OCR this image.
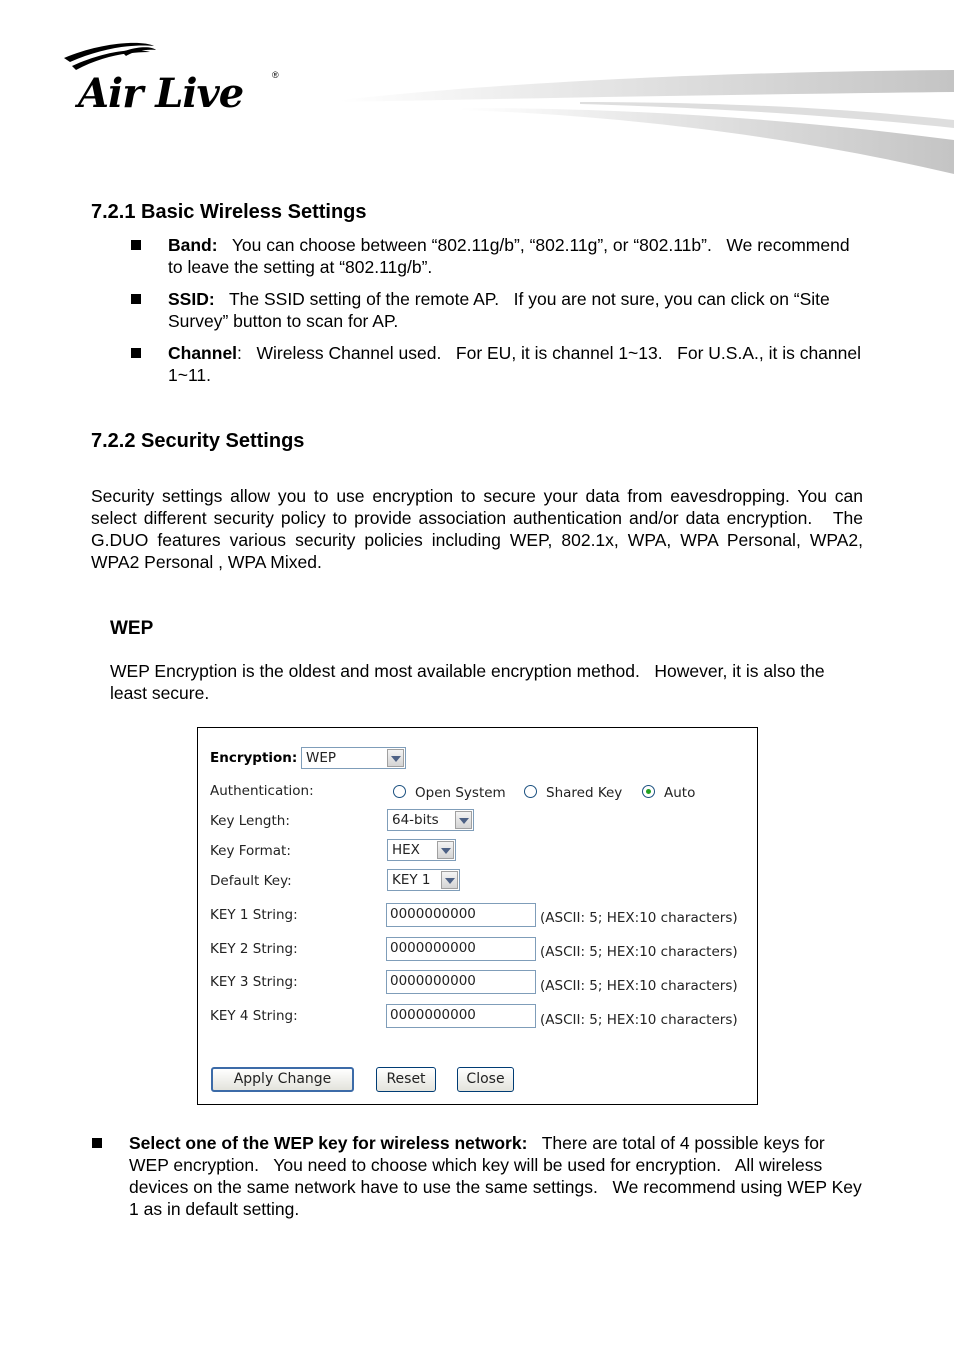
Air Live	®
7.2.1 Basic Wireless Settings
Band:   You can choose between “802.11g/b”, “802.11g”, or “802.11b”.   We recommend to leave the setting at “802.11g/b”.
SSID:   The SSID setting of the remote AP.   If you are not sure, you can click on “Site Survey” button to scan for AP.
Channel:   Wireless Channel used.   For EU, it is channel 1~13.   For U.S.A., it is channel 1~11.
7.2.2 Security Settings
Security settings allow you to use encryption to secure your data from eavesdropping. You can select different security policy to provide association authentication and/or data encryption.   The G.DUO features various security policies including WEP, 802.1x, WPA, WPA Personal, WPA2, WPA2 Personal , WPA Mixed.
WEP
WEP Encryption is the oldest and most available encryption method.   However, it is also the least secure.
Encryption: WEP
Authentication:	Open System	Shared Key	Auto
Key Length:	64-bits
Key Format:	HEX
Default Key:	KEY 1
KEY 1 String:	0000000000	(ASCII: 5; HEX:10 characters)
KEY 2 String:	0000000000	(ASCII: 5; HEX:10 characters)
KEY 3 String:	0000000000	(ASCII: 5; HEX:10 characters)
KEY 4 String:	0000000000	(ASCII: 5; HEX:10 characters)
Apply Change	Reset	Close
Select one of the WEP key for wireless network:   There are total of 4 possible keys for WEP encryption.   You need to choose which key will be used for encryption.   All wireless devices on the same network have to use the same settings.   We recommend using WEP Key 1 as in default setting.
